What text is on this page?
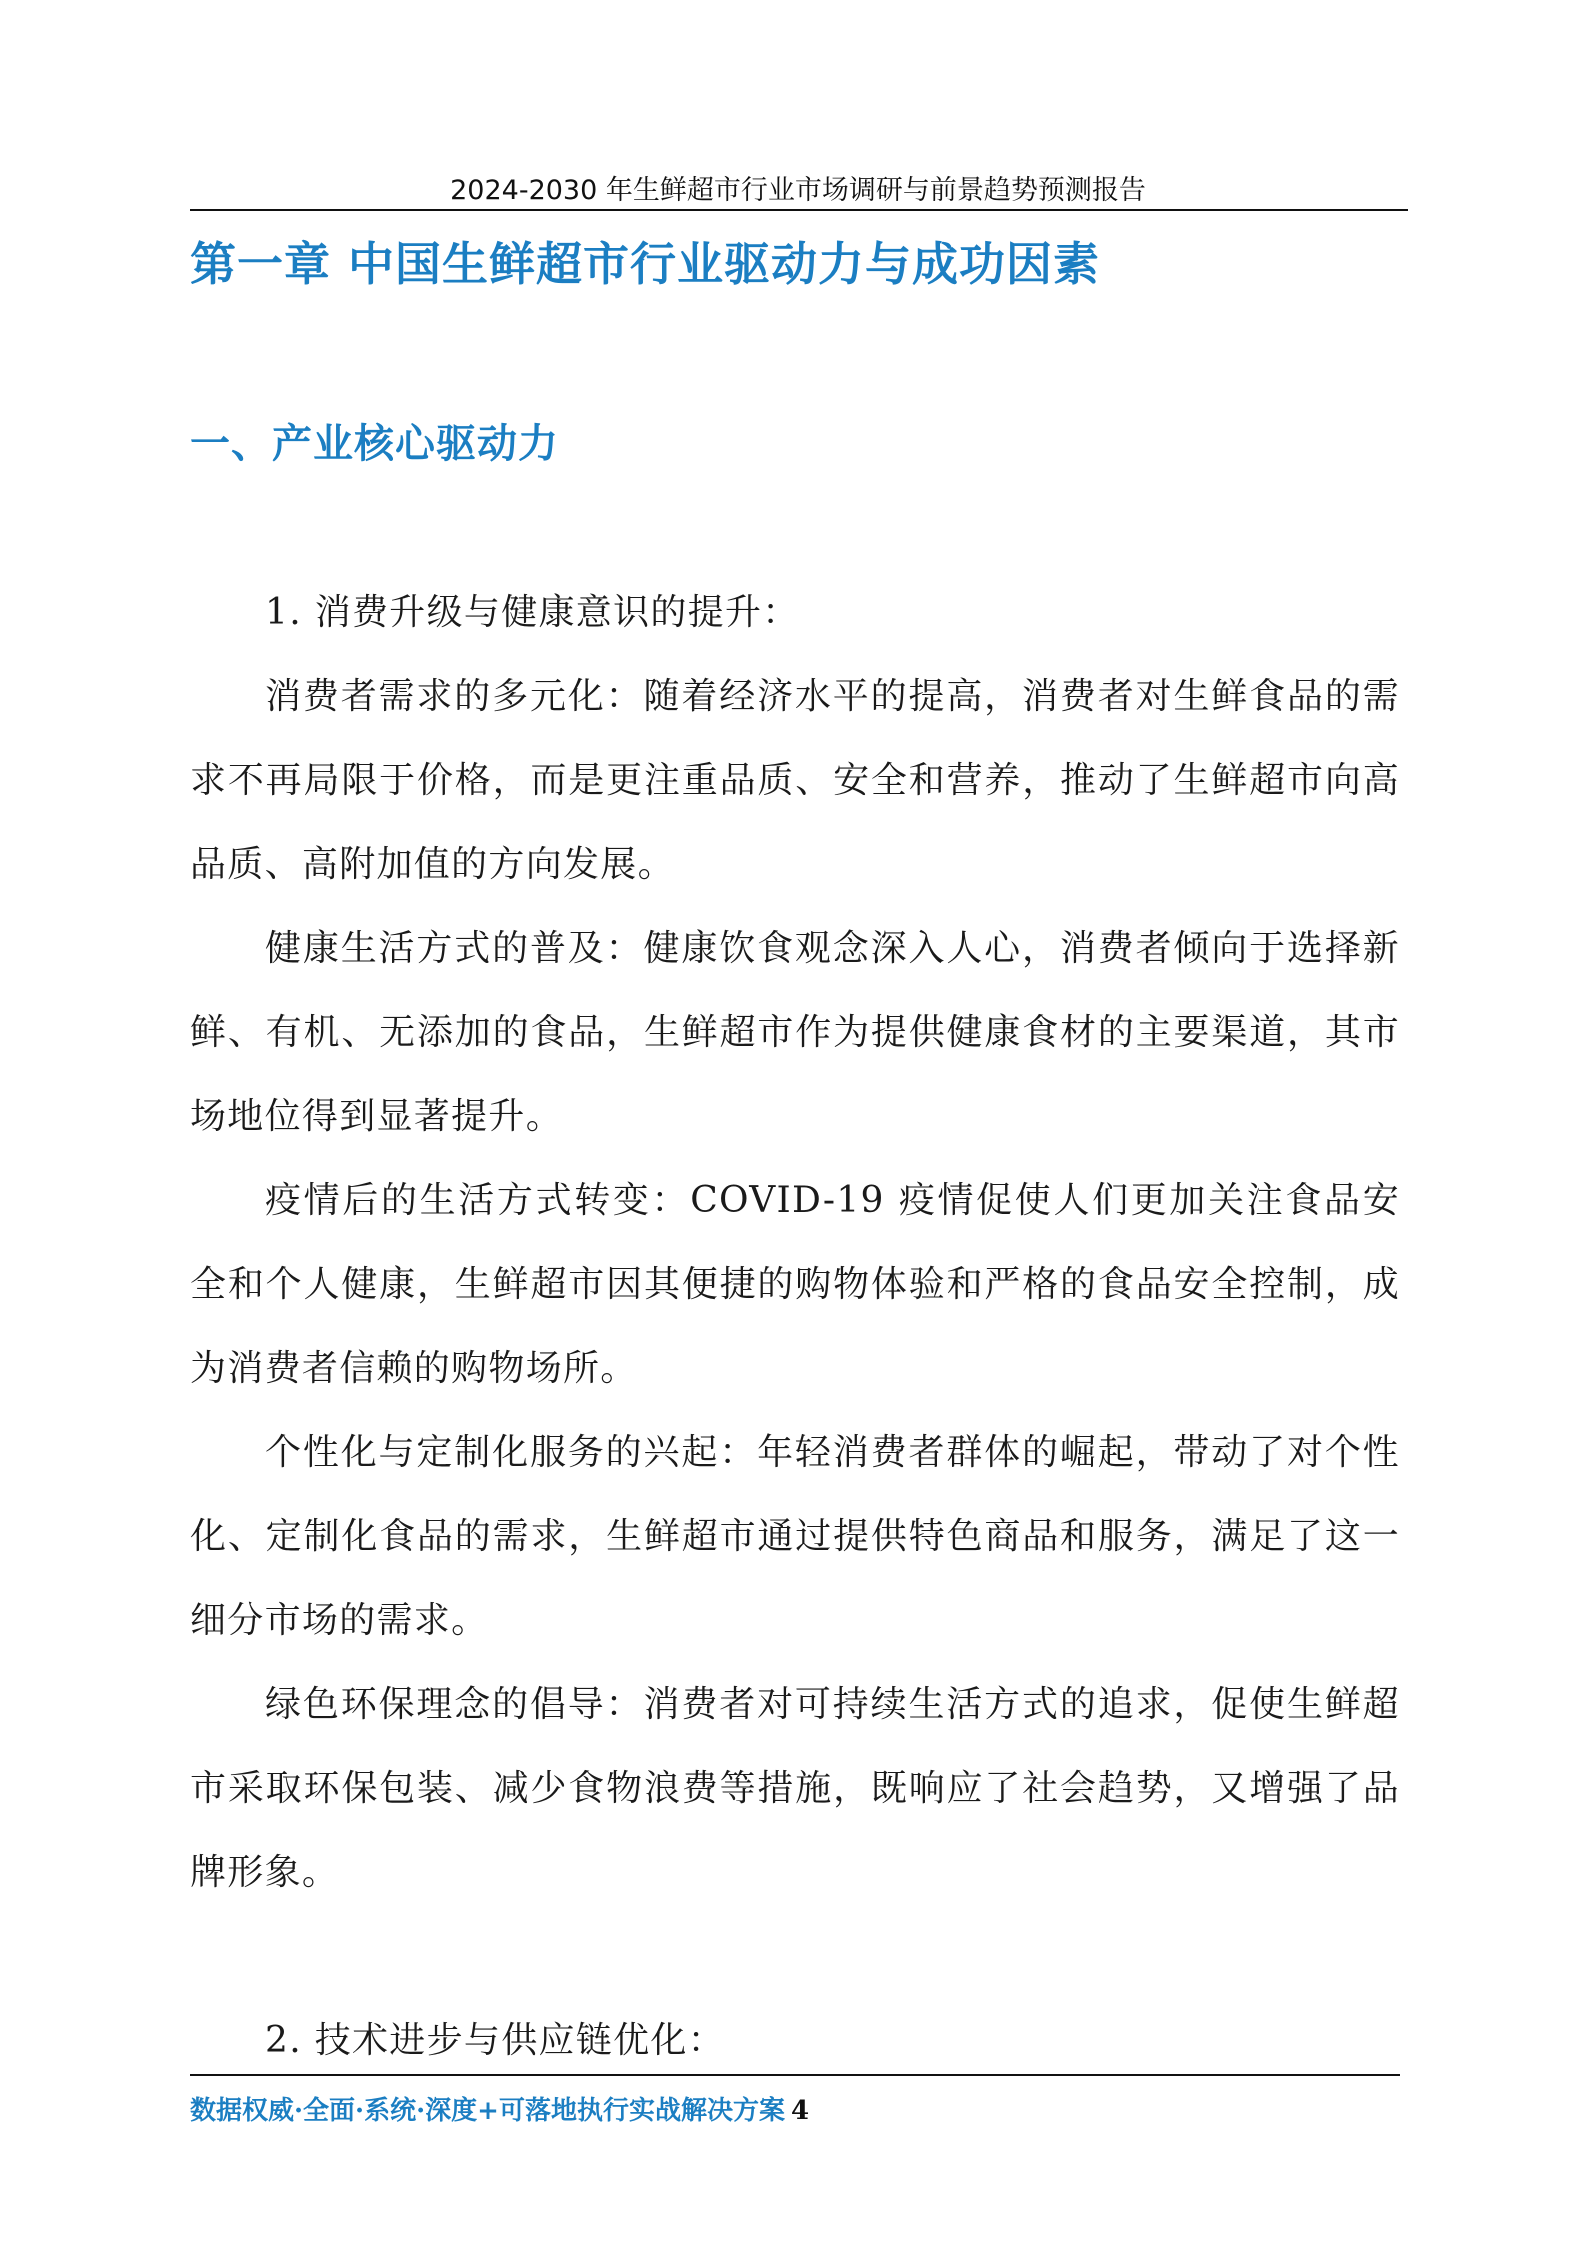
2024-2030 年生鲜超市行业市场调研与前景趋势预测报告
第一章 中国生鲜超市行业驱动力与成功因素
一、产业核心驱动力

1. 消费升级与健康意识的提升：

消费者需求的多元化：随着经济水平的提高，消费者对生鲜食品的需求不再局限于价格，而是更注重品质、安全和营养，推动了生鲜超市向高品质、高附加值的方向发展。

健康生活方式的普及：健康饮食观念深入人心，消费者倾向于选择新鲜、有机、无添加的食品，生鲜超市作为提供健康食材的主要渠道，其市场地位得到显著提升。

疫情后的生活方式转变：COVID-19 疫情促使人们更加关注食品安全和个人健康，生鲜超市因其便捷的购物体验和严格的食品安全控制，成为消费者信赖的购物场所。

个性化与定制化服务的兴起：年轻消费者群体的崛起，带动了对个性化、定制化食品的需求，生鲜超市通过提供特色商品和服务，满足了这一细分市场的需求。

绿色环保理念的倡导：消费者对可持续生活方式的追求，促使生鲜超市采取环保包装、减少食物浪费等措施，既响应了社会趋势，又增强了品牌形象。

2. 技术进步与供应链优化：

数据权威·全面·系统·深度+可落地执行实战解决方案 4
